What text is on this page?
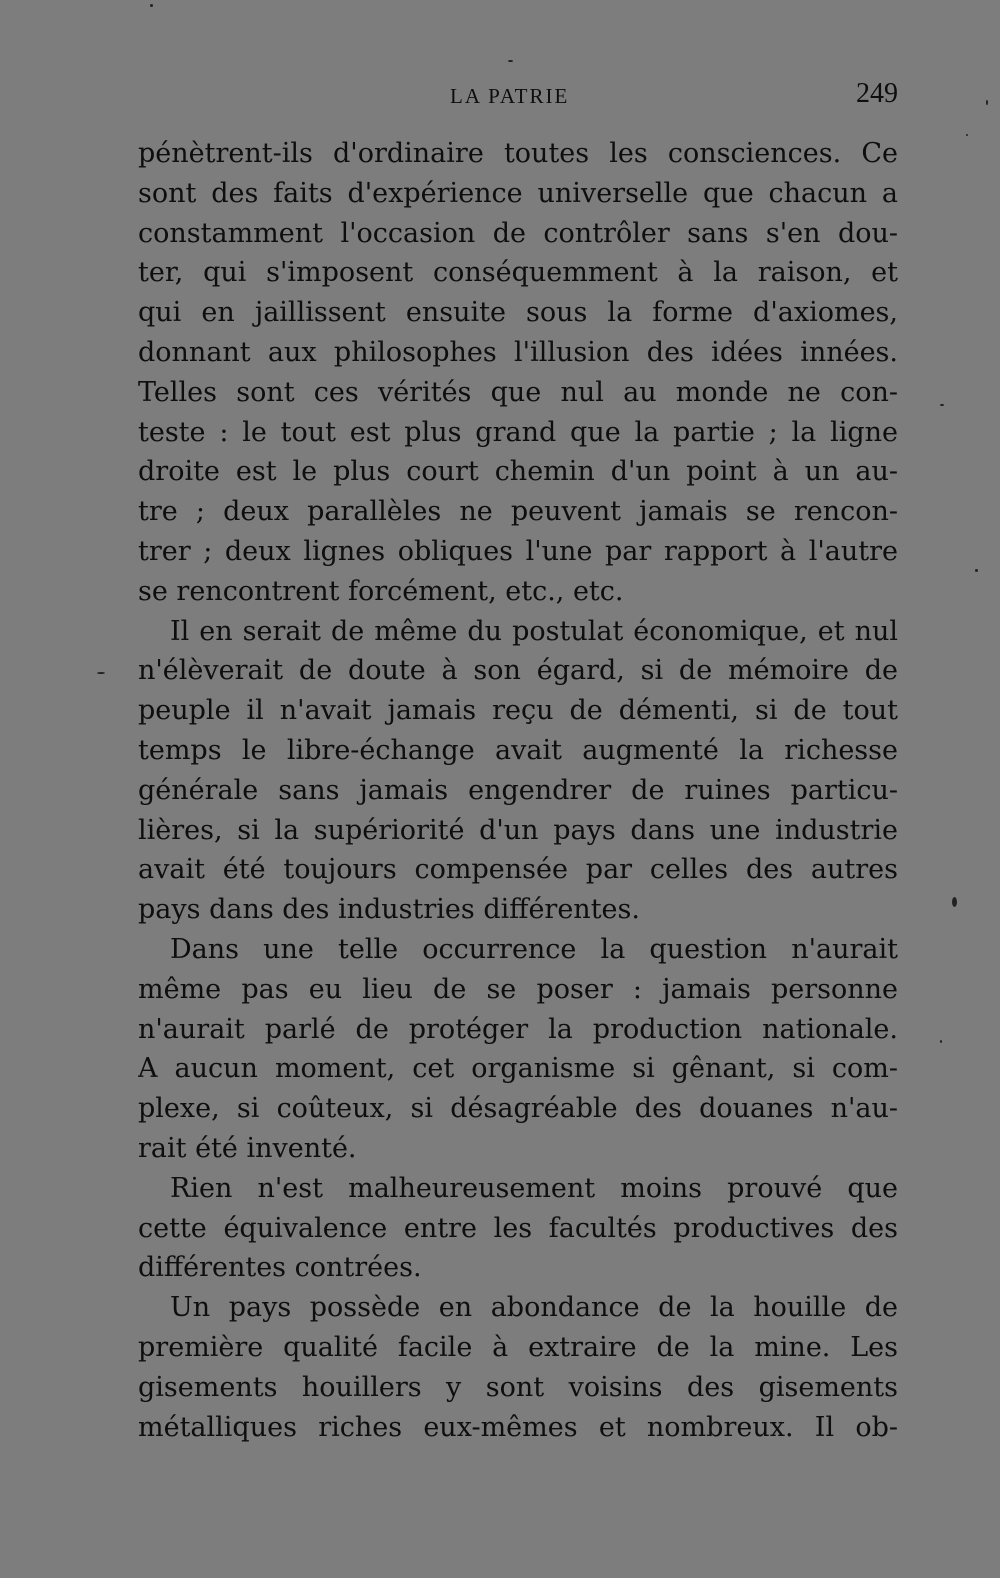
LA PATRIE	249
pénètrent-ils d'ordinaire toutes les consciences. Ce
sont des faits d'expérience universelle que chacun a
constamment l'occasion de contrôler sans s'en dou-
ter, qui s'imposent conséquemment à la raison, et
qui en jaillissent ensuite sous la forme d'axiomes,
donnant aux philosophes l'illusion des idées innées.
Telles sont ces vérités que nul au monde ne con-
teste : le tout est plus grand que la partie ; la ligne
droite est le plus court chemin d'un point à un au-
tre ; deux parallèles ne peuvent jamais se rencon-
trer ; deux lignes obliques l'une par rapport à l'autre
se rencontrent forcément, etc., etc.
Il en serait de même du postulat économique, et nul
n'élèverait de doute à son égard, si de mémoire de
peuple il n'avait jamais reçu de démenti, si de tout
temps le libre-échange avait augmenté la richesse
générale sans jamais engendrer de ruines particu-
lières, si la supériorité d'un pays dans une industrie
avait été toujours compensée par celles des autres
pays dans des industries différentes.
Dans une telle occurrence la question n'aurait
même pas eu lieu de se poser : jamais personne
n'aurait parlé de protéger la production nationale.
A aucun moment, cet organisme si gênant, si com-
plexe, si coûteux, si désagréable des douanes n'au-
rait été inventé.
Rien n'est malheureusement moins prouvé que
cette équivalence entre les facultés productives des
différentes contrées.
Un pays possède en abondance de la houille de
première qualité facile à extraire de la mine. Les
gisements houillers y sont voisins des gisements
métalliques riches eux-mêmes et nombreux. Il ob-
